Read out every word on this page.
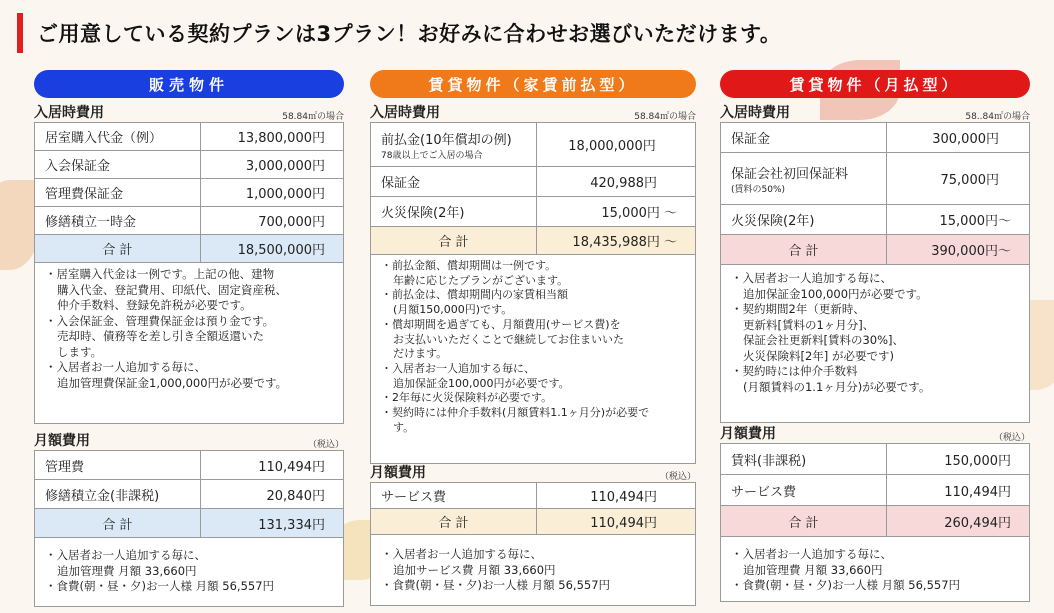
ご用意している契約プランは3プラン！お好みに合わせお選びいただけます。
販売物件
入居時費用	58.84㎡の場合
居室購入代金（例）	13,800,000円
入会保証金	3,000,000円
管理費保証金	1,000,000円
修繕積立一時金	700,000円
合 計	18,500,000円
・居室購入代金は一例です。上記の他、建物
購入代金、登記費用、印紙代、固定資産税、
仲介手数料、登録免許税が必要です。
・入会保証金、管理費保証金は預り金です。
売却時、債務等を差し引き全額返還いた
します。
・入居者お一人追加する毎に、
追加管理費保証金1,000,000円が必要です。
月額費用	（税込）
管理費	110,494円
修繕積立金(非課税)	20,840円
合 計	131,334円
・入居者お一人追加する毎に、
追加管理費 月額 33,660円
・食費(朝・昼・夕)お一人様 月額 56,557円
賃貸物件（家賃前払型）
入居時費用	58.84㎡の場合
前払金(10年償却の例)
78歳以上でご入居の場合	18,000,000円
保証金	420,988円
火災保険(2年)	15,000円 ～
合 計	18,435,988円 ～
・前払金額、償却期間は一例です。
年齢に応じたプランがございます。
・前払金は、償却期間内の家賃相当額
(月額150,000円)です。
・償却期間を過ぎても、月額費用(サービス費)を
お支払いいただくことで継続してお住まいいた
だけます。
・入居者お一人追加する毎に、
追加保証金100,000円が必要です。
・2年毎に火災保険料が必要です。
・契約時には仲介手数料(月額賃料1.1ヶ月分)が必要で
す。
月額費用	（税込）
サービス費	110,494円
合 計	110,494円
・入居者お一人追加する毎に、
追加サービス費 月額 33,660円
・食費(朝・昼・夕)お一人様 月額 56,557円
賃貸物件（月払型）
入居時費用	58..84㎡の場合
保証金	300,000円
保証会社初回保証料
(賃料の50%)	75,000円
火災保険(2年)	15,000円～
合 計	390,000円～
・入居者お一人追加する毎に、
追加保証金100,000円が必要です。
・契約期間2年（更新時、
更新料[賃料の1ヶ月分]、
保証会社更新料[賃料の30%]、
火災保険料[2年] が必要です)
・契約時には仲介手数料
(月額賃料の1.1ヶ月分)が必要です。
月額費用	（税込）
賃料(非課税)	150,000円
サービス費	110,494円
合 計	260,494円
・入居者お一人追加する毎に、
追加管理費 月額 33,660円
・食費(朝・昼・夕)お一人様 月額 56,557円
